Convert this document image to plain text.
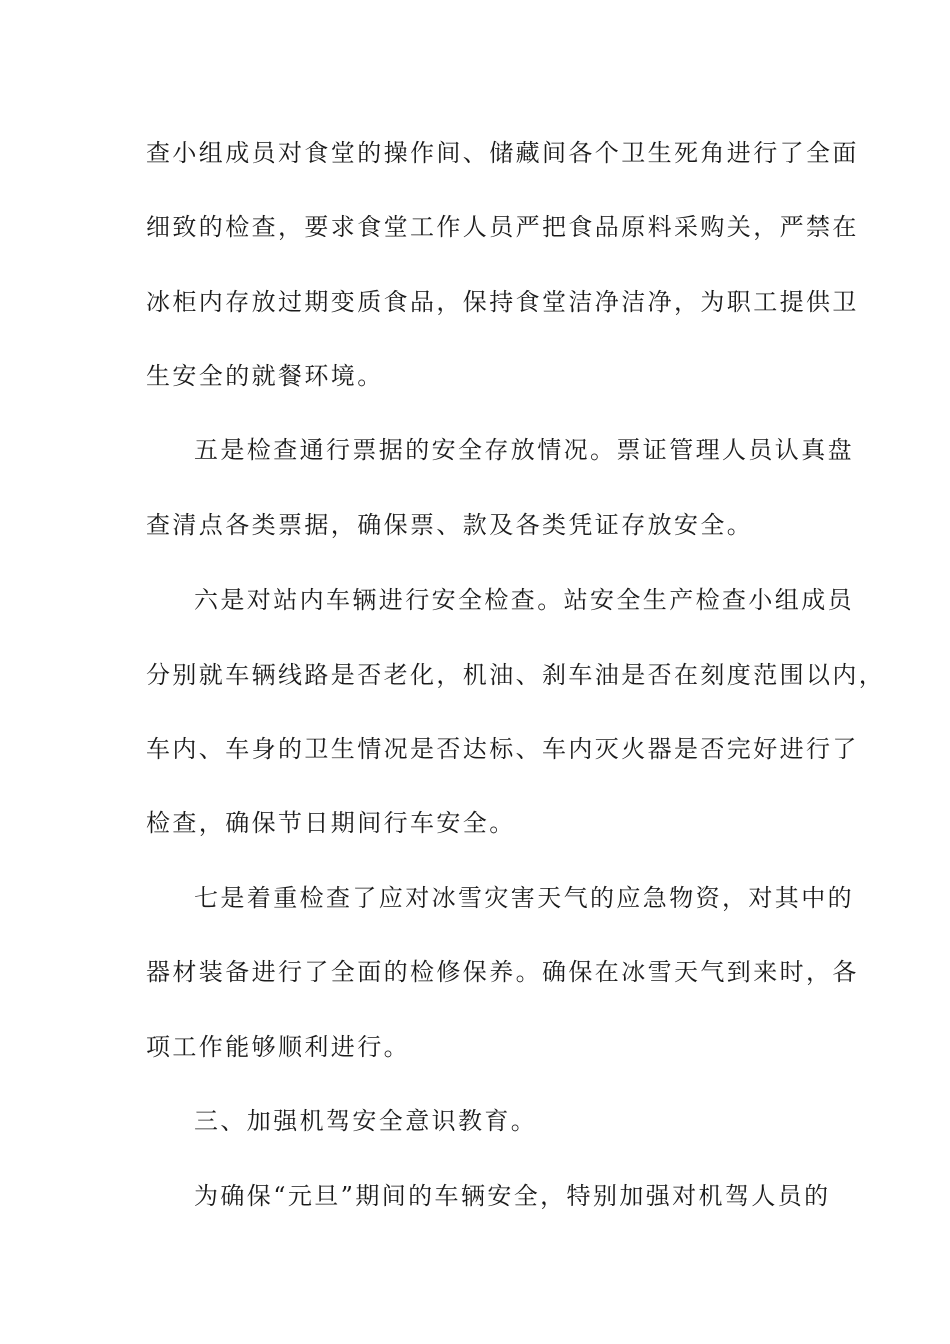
查小组成员对食堂的操作间、储藏间各个卫生死角进行了全面
细致的检查，要求食堂工作人员严把食品原料采购关，严禁在
冰柜内存放过期变质食品，保持食堂洁净洁净，为职工提供卫
生安全的就餐环境。
五是检查通行票据的安全存放情况。票证管理人员认真盘
查清点各类票据，确保票、款及各类凭证存放安全。
六是对站内车辆进行安全检查。站安全生产检查小组成员
分别就车辆线路是否老化，机油、刹车油是否在刻度范围以内，
车内、车身的卫生情况是否达标、车内灭火器是否完好进行了
检查，确保节日期间行车安全。
七是着重检查了应对冰雪灾害天气的应急物资，对其中的
器材装备进行了全面的检修保养。确保在冰雪天气到来时，各
项工作能够顺利进行。
三、加强机驾安全意识教育。
为确保“元旦”期间的车辆安全，特别加强对机驾人员的
